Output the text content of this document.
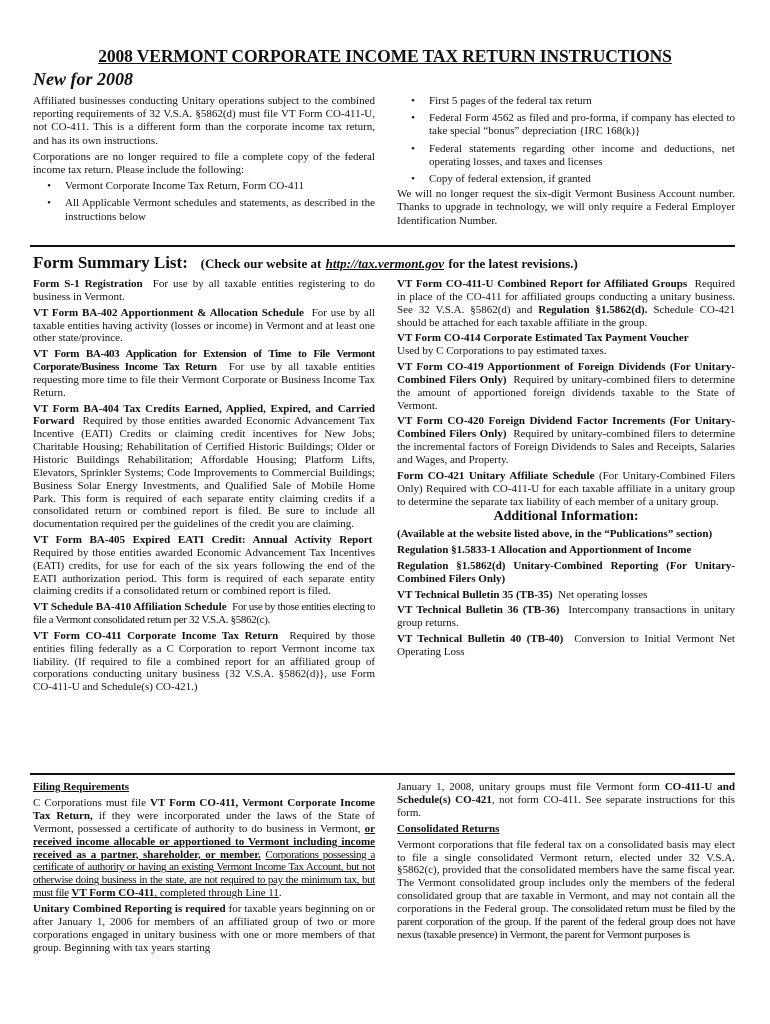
2008 VERMONT CORPORATE INCOME TAX RETURN INSTRUCTIONS
New for 2008

Affiliated businesses conducting Unitary operations subject to the combined reporting requirements of 32 V.S.A. §5862(d) must file VT Form CO-411-U, not CO-411. This is a different form than the corporate income tax return, and has its own instructions.

Corporations are no longer required to file a complete copy of the federal income tax return. Please include the following:

•	Vermont Corporate Income Tax Return, Form CO-411
•	All Applicable Vermont schedules and statements, as described in the instructions below
•	First 5 pages of the federal tax return
•	Federal Form 4562 as filed and pro-forma, if company has elected to take special “bonus” depreciation {IRC 168(k)}
•	Federal statements regarding other income and deductions, net operating losses, and taxes and licenses
•	Copy of federal extension, if granted

We will no longer request the six-digit Vermont Business Account number. Thanks to upgrade in technology, we will only require a Federal Employer Identification Number.

Form Summary List: (Check our website at http://tax.vermont.gov for the latest revisions.)

Form S-1 Registration For use by all taxable entities registering to do business in Vermont.

VT Form BA-402 Apportionment & Allocation Schedule For use by all taxable entities having activity (losses or income) in Vermont and at least one other state/province.

VT Form BA-403 Application for Extension of Time to File Vermont Corporate/Business Income Tax Return For use by all taxable entities requesting more time to file their Vermont Corporate or Business Income Tax Return.

VT Form BA-404 Tax Credits Earned, Applied, Expired, and Carried Forward Required by those entities awarded Economic Advancement Tax Incentive (EATI) Credits or claiming credit incentives for New Jobs; Charitable Housing; Rehabilitation of Certified Historic Buildings; Older or Historic Buildings Rehabilitation; Affordable Housing; Platform Lifts, Elevators, Sprinkler Systems; Code Improvements to Commercial Buildings; Business Solar Energy Investments, and Qualified Sale of Mobile Home Park. This form is required of each separate entity claiming credits if a consolidated return or combined report is filed. Be sure to include all documentation required per the guidelines of the credit you are claiming.

VT Form BA-405 Expired EATI Credit: Annual Activity Report  Required by those entities awarded Economic Advancement Tax Incentives (EATI) credits, for use for each of the six years following the end of the EATI authorization period. This form is required of each separate entity claiming credits if a consolidated return or combined report is filed.

VT Schedule BA-410 Affiliation Schedule For use by those entities electing to file a Vermont consolidated return per 32 V.S.A. §5862(c).

VT Form CO-411 Corporate Income Tax Return Required by those entities filing federally as a C Corporation to report Vermont income tax liability. (If required to file a combined report for an affiliated group of corporations conducting unitary business {32 V.S.A. §5862(d)}, use Form CO-411-U and Schedule(s) CO-421.)

VT Form CO-411-U Combined Report for Affiliated Groups Required in place of the CO-411 for affiliated groups conducting a unitary business. See 32 V.S.A. §5862(d) and Regulation §1.5862(d). Schedule CO-421 should be attached for each taxable affiliate in the group.

VT Form CO-414 Corporate Estimated Tax Payment Voucher
Used by C Corporations to pay estimated taxes.

VT Form CO-419 Apportionment of Foreign Dividends (For Unitary-Combined Filers Only) Required by unitary-combined filers to determine the amount of apportioned foreign dividends taxable to the State of Vermont.

VT Form CO-420 Foreign Dividend Factor Increments (For Unitary-Combined Filers Only) Required by unitary-combined filers to determine the incremental factors of Foreign Dividends to Sales and Receipts, Salaries and Wages, and Property.

Form CO-421 Unitary Affiliate Schedule (For Unitary-Combined Filers Only) Required with CO-411-U for each taxable affiliate in a unitary group to determine the separate tax liability of each member of a unitary group.

Additional Information:

(Available at the website listed above, in the “Publications” section)

Regulation §1.5833-1 Allocation and Apportionment of Income

Regulation §1.5862(d) Unitary-Combined Reporting (For Unitary-Combined Filers Only)

VT Technical Bulletin 35 (TB-35) Net operating losses

VT Technical Bulletin 36 (TB-36) Intercompany transactions in unitary group returns.

VT Technical Bulletin 40 (TB-40) Conversion to Initial Vermont Net Operating Loss

Filing Requirements

C Corporations must file VT Form CO-411, Vermont Corporate Income Tax Return, if they were incorporated under the laws of the State of Vermont, possessed a certificate of authority to do business in Vermont, or received income allocable or apportioned to Vermont including income received as a partner, shareholder, or member. Corporations possessing a certificate of authority or having an existing Vermont Income Tax Account, but not otherwise doing business in the state, are not required to pay the minimum tax, but must file VT Form CO-411, completed through Line 11.

Unitary Combined Reporting is required for taxable years beginning on or after January 1, 2006 for members of an affiliated group of two or more corporations engaged in unitary business with one or more members of that group. Beginning with tax years starting

January 1, 2008, unitary groups must file Vermont form CO-411-U and Schedule(s) CO-421, not form CO-411. See separate instructions for this form.

Consolidated Returns

Vermont corporations that file federal tax on a consolidated basis may elect to file a single consolidated Vermont return, elected under 32 V.S.A. §5862(c), provided that the consolidated members have the same fiscal year. The Vermont consolidated group includes only the members of the federal consolidated group that are taxable in Vermont, and may not contain all the corporations in the Federal group. The consolidated return must be filed by the parent corporation of the group. If the parent of the federal group does not have nexus (taxable presence) in Vermont, the parent for Vermont purposes is
